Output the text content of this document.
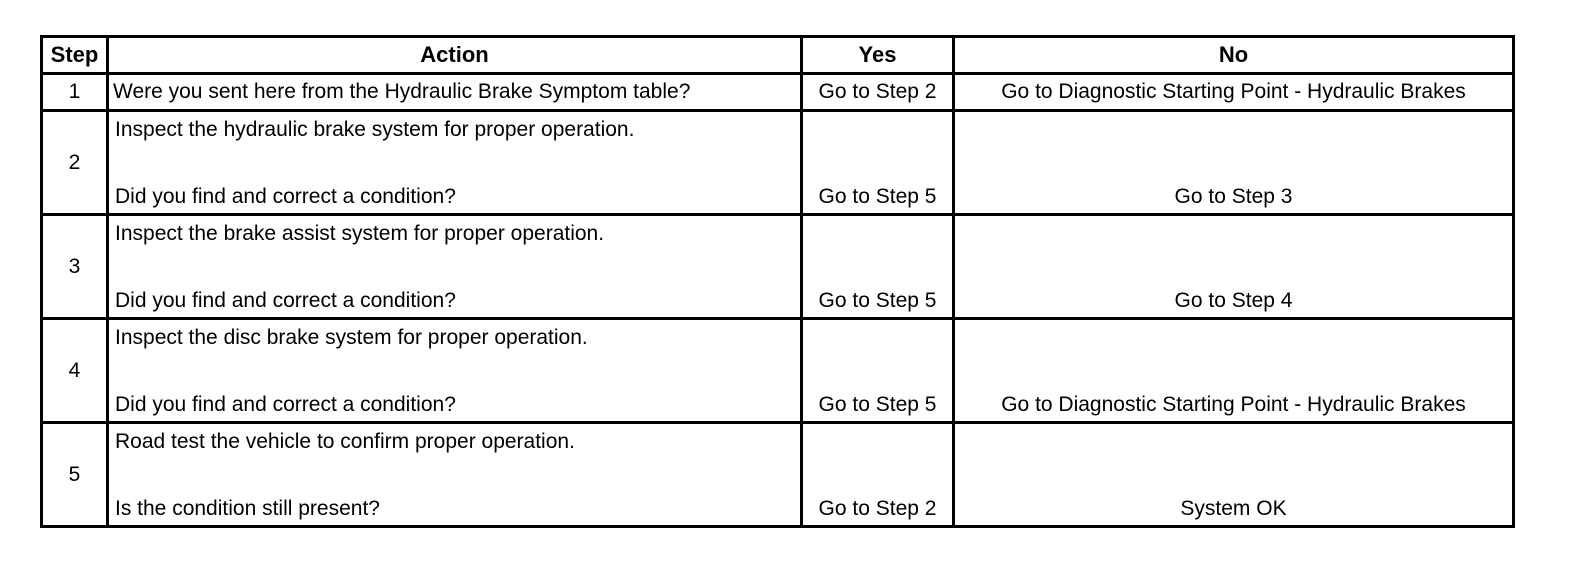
Step	Action	Yes	No
1	Were you sent here from the Hydraulic Brake Symptom table?	Go to Step 2	Go to Diagnostic Starting Point - Hydraulic Brakes
2	Inspect the hydraulic brake system for proper operation.
Did you find and correct a condition?	Go to Step 5	Go to Step 3

3	Inspect the brake assist system for proper operation.
Did you find and correct a condition?	Go to Step 5	Go to Step 4

4	Inspect the disc brake system for proper operation.
Did you find and correct a condition?	Go to Step 5	Go to Diagnostic Starting Point - Hydraulic Brakes

5	Road test the vehicle to confirm proper operation.
Is the condition still present?	Go to Step 2	System OK
